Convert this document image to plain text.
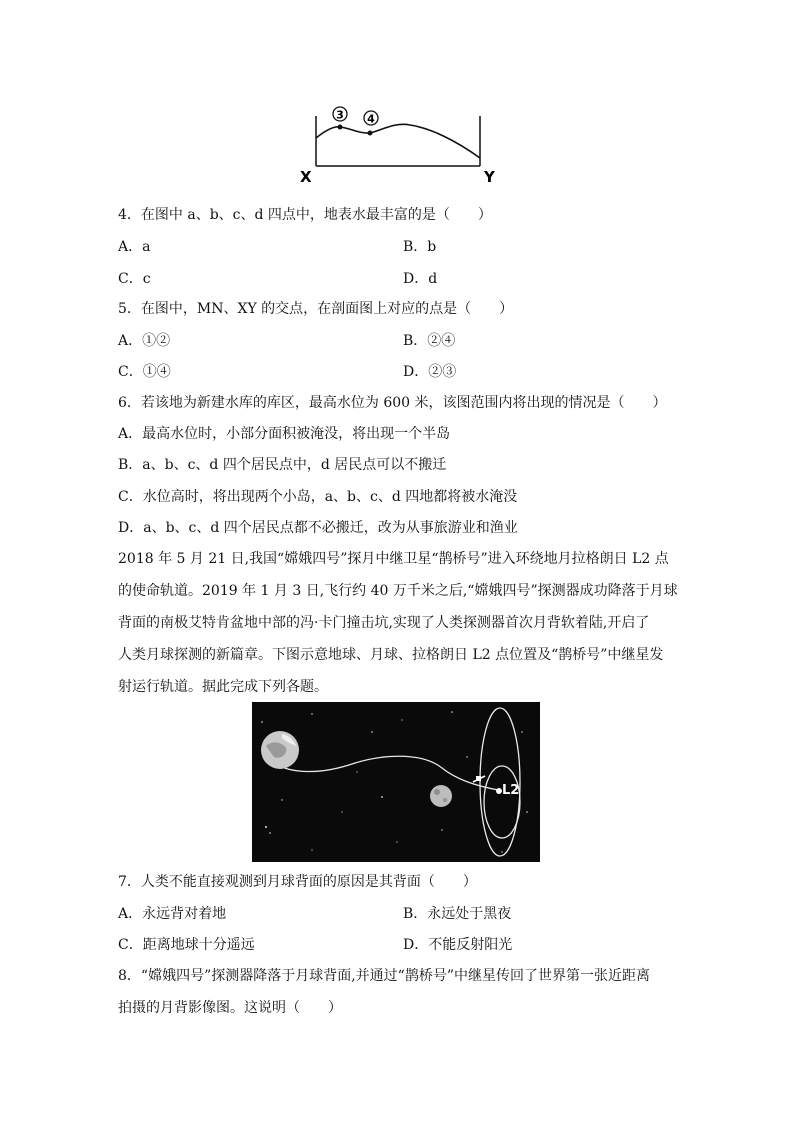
3 4
X	Y
4．在图中 a、b、c、d 四点中，地表水最丰富的是（　　）
A．a	B．b
C．c	D．d
5．在图中，MN、XY 的交点，在剖面图上对应的点是（　　）
A．①②	B．②④
C．①④	D．②③
6．若该地为新建水库的库区，最高水位为 600 米，该图范围内将出现的情况是（　　）
A．最高水位时，小部分面积被淹没，将出现一个半岛
B．a、b、c、d 四个居民点中，d 居民点可以不搬迁
C．水位高时，将出现两个小岛，a、b、c、d 四地都将被水淹没
D．a、b、c、d 四个居民点都不必搬迁，改为从事旅游业和渔业
2018 年 5 月 21 日,我国“嫦娥四号”探月中继卫星“鹊桥号”进入环绕地月拉格朗日 L2 点
的使命轨道。2019 年 1 月 3 日,飞行约 40 万千米之后,“嫦娥四号”探测器成功降落于月球
背面的南极艾特肯盆地中部的冯·卡门撞击坑,实现了人类探测器首次月背软着陆,开启了
人类月球探测的新篇章。下图示意地球、月球、拉格朗日 L2 点位置及“鹊桥号”中继星发
射运行轨道。据此完成下列各题。
L2
7．人类不能直接观测到月球背面的原因是其背面（　　）
A．永远背对着地	B．永远处于黑夜
C．距离地球十分遥远	D．不能反射阳光
8．“嫦娥四号”探测器降落于月球背面,并通过“鹊桥号”中继星传回了世界第一张近距离
拍摄的月背影像图。这说明（　　）
